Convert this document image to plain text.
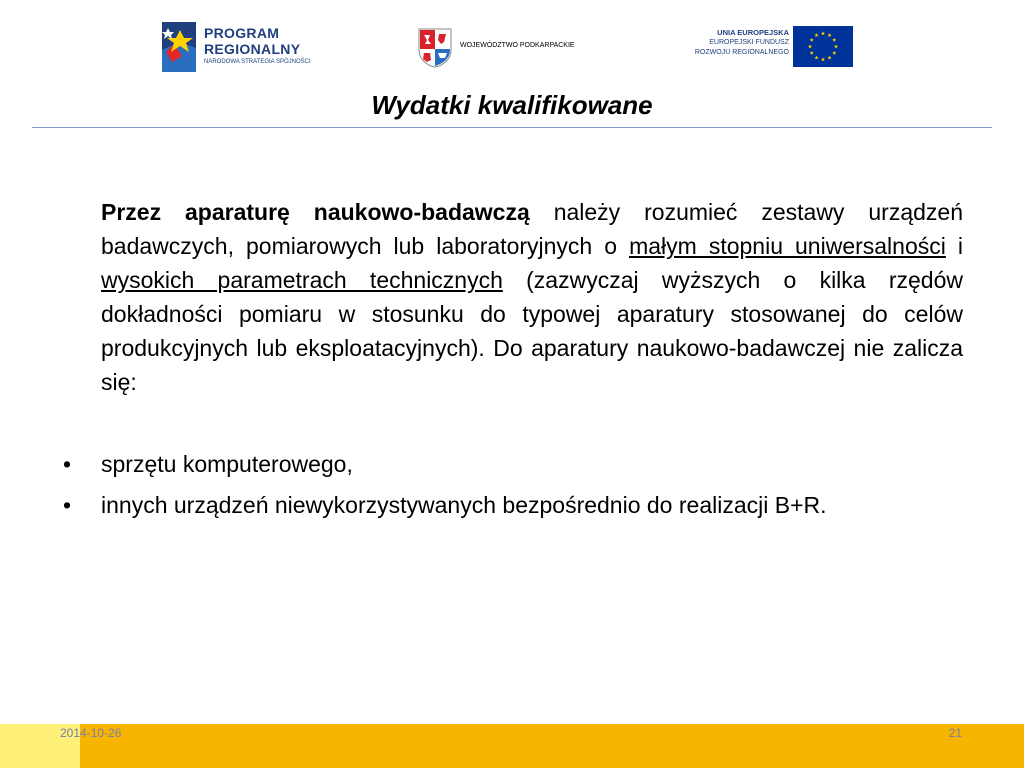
PROGRAM
REGIONALNY
NARODOWA STRATEGIA SPÓJNOŚCI
WOJEWÓDZTWO PODKARPACKIE
UNIA EUROPEJSKA
EUROPEJSKI FUNDUSZ
ROZWOJU REGIONALNEGO
Wydatki kwalifikowane

Przez aparaturę naukowo-badawczą należy rozumieć zestawy urządzeń badawczych, pomiarowych lub laboratoryjnych o małym stopniu uniwersalności i wysokich parametrach technicznych (zazwyczaj wyższych o kilka rzędów dokładności pomiaru w stosunku do typowej aparatury stosowanej do celów produkcyjnych lub eksploatacyjnych). Do aparatury naukowo-badawczej nie zalicza się:

• sprzętu komputerowego,
• innych urządzeń niewykorzystywanych bezpośrednio do realizacji B+R.
2014-10-26	21
